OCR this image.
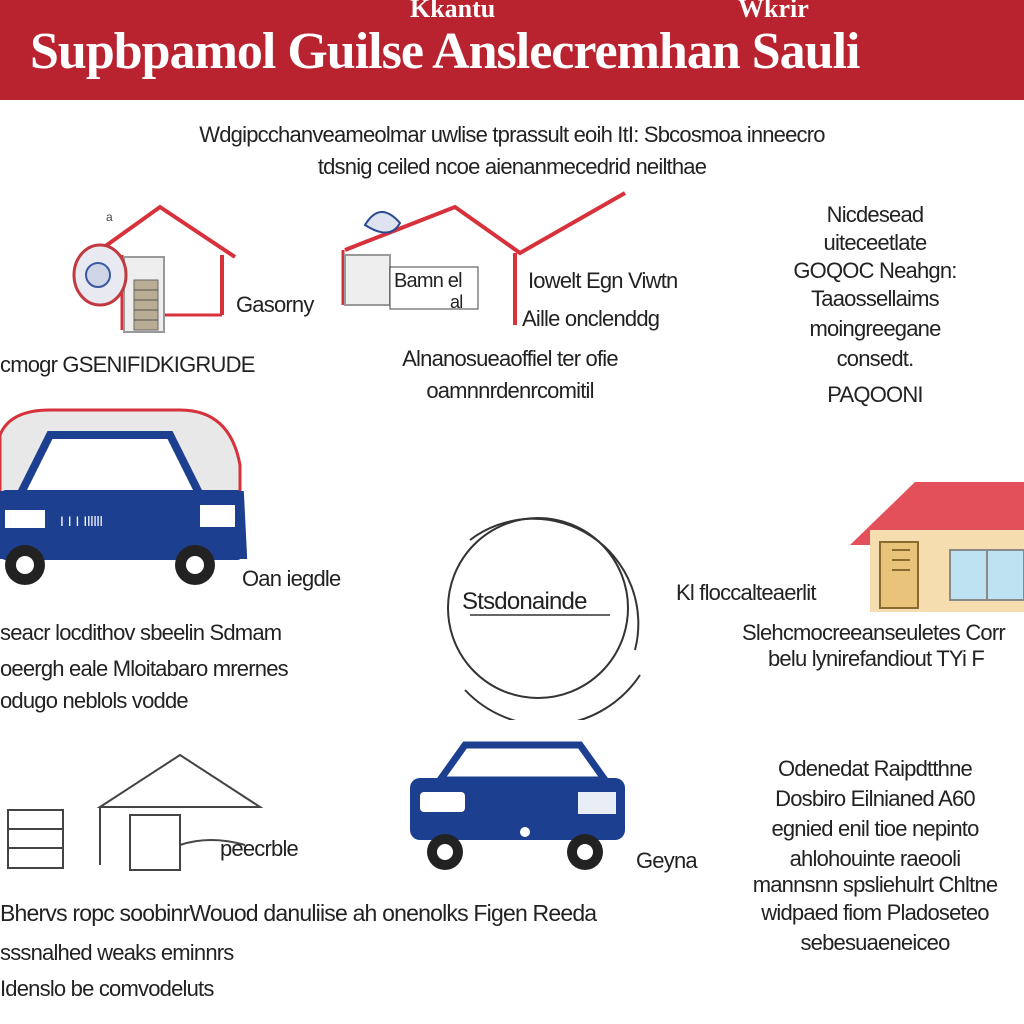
Kkantu	Wkrir
Supbpamol Guilse Anslecremhan Sauli
Wdgipcchanveameolmar uwlise tprassult eoih ItI: Sbcosmoa inneecro
tdsnig ceiled ncoe aienanmecedrid neilthae
a
Gasorny
cmogr GSENIFIDKIGRUDE
Bamn el
al
Iowelt Egn Viwtn
Aille onclenddg
Alnanosueaoffiel ter ofie
oamnnrdenrcomitil
Nicdesead
uiteceetlate
GOQOC Neahgn:
Taaossellaims
moingreegane
consedt.
PAQOONI
I I I Illlll
Oan iegdle
seacr locdithov sbeelin Sdmam
oeergh eale Mloitabaro mrernes
odugo neblols vodde
Stsdonainde	Kl floccalteaerlit
Slehcmocreeanseuletes Corr
belu lynirefandiout TYi F
peecrble	Geyna
Odenedat Raipdtthne
Dosbiro Eilnianed A60
egnied enil tioe nepinto
ahlohouinte raeooli
mannsnn spsliehulrt Chltne
widpaed fiom Pladoseteo
sebesuaeneiceo
Bhervs ropc soobinrWouod danuliise ah onenolks Figen Reeda
sssnalhed weaks eminnrs
Idenslo be comvodeluts
